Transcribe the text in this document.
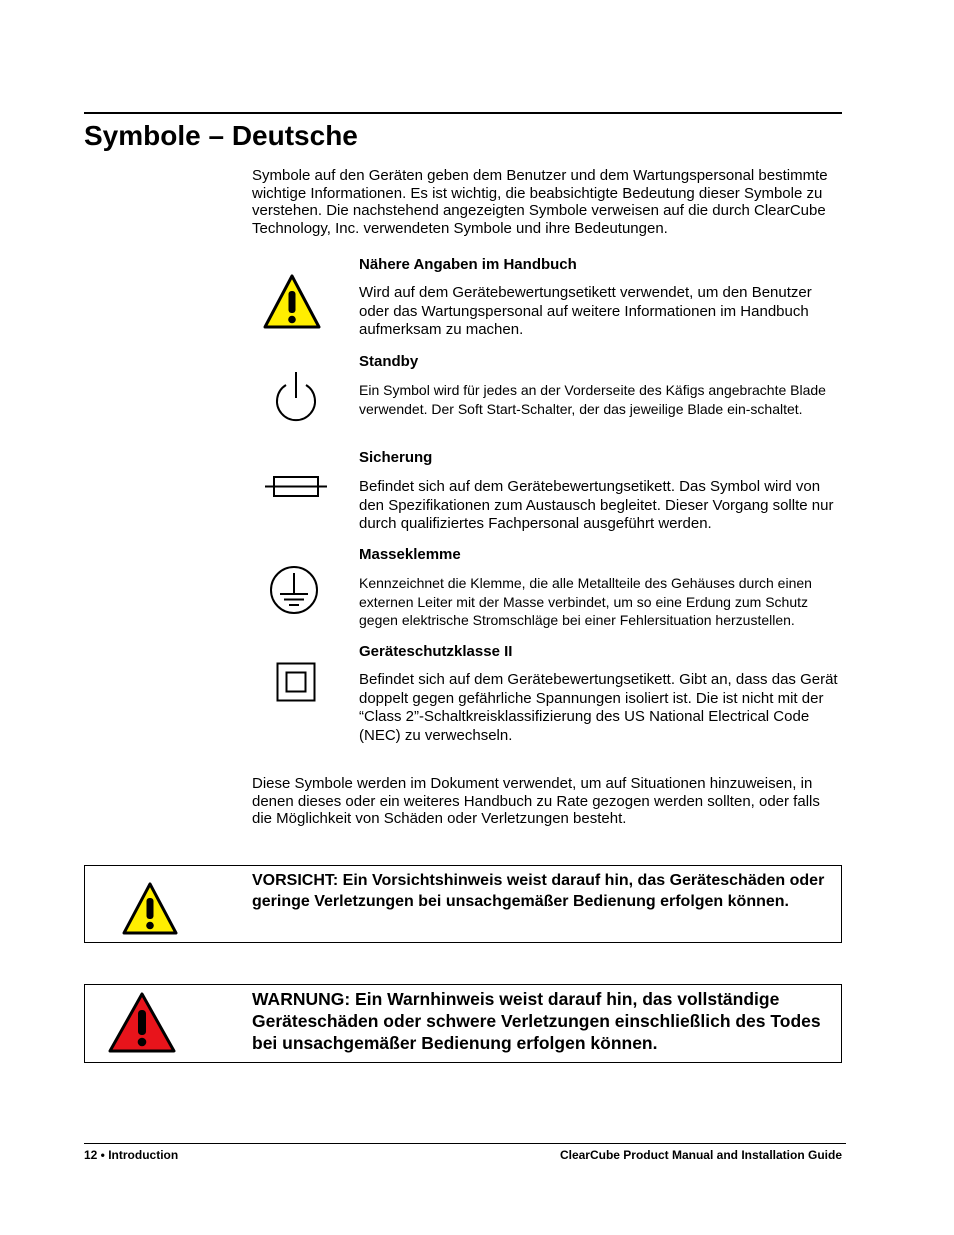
Symbole – Deutsche

Symbole auf den Geräten geben dem Benutzer und dem Wartungspersonal bestimmte wichtige Informationen. Es ist wichtig, die beabsichtigte Bedeutung dieser Symbole zu verstehen. Die nachstehend angezeigten Symbole verweisen auf die durch ClearCube Technology, Inc. verwendeten Symbole und ihre Bedeutungen.

Nähere Angaben im Handbuch

Wird auf dem Gerätebewertungsetikett verwendet, um den Benutzer oder das Wartungspersonal auf weitere Informationen im Handbuch aufmerksam zu machen.

Standby

Ein Symbol wird für jedes an der Vorderseite des Käfigs angebrachte Blade verwendet. Der Soft Start-Schalter, der das jeweilige Blade ein-schaltet.

Sicherung

Befindet sich auf dem Gerätebewertungsetikett. Das Symbol wird von den Spezifikationen zum Austausch begleitet. Dieser Vorgang sollte nur durch qualifiziertes Fachpersonal ausgeführt werden.

Masseklemme

Kennzeichnet die Klemme, die alle Metallteile des Gehäuses durch einen externen Leiter mit der Masse verbindet, um so eine Erdung zum Schutz gegen elektrische Stromschläge bei einer Fehlersituation herzustellen.

Geräteschutzklasse II

Befindet sich auf dem Gerätebewertungsetikett. Gibt an, dass das Gerät doppelt gegen gefährliche Spannungen isoliert ist. Die ist nicht mit der “Class 2”-Schaltkreisklassifizierung des US National Electrical Code (NEC) zu verwechseln.

Diese Symbole werden im Dokument verwendet, um auf Situationen hinzuweisen, in denen dieses oder ein weiteres Handbuch zu Rate gezogen werden sollten, oder falls die Möglichkeit von Schäden oder Verletzungen besteht.

VORSICHT: Ein Vorsichtshinweis weist darauf hin, das Geräteschäden oder geringe Verletzungen bei unsachgemäßer Bedienung erfolgen können.

WARNUNG: Ein Warnhinweis weist darauf hin, das vollständige Geräteschäden oder schwere Verletzungen einschließlich des Todes bei unsachgemäßer Bedienung erfolgen können.

12 • Introduction	ClearCube Product Manual and Installation Guide
